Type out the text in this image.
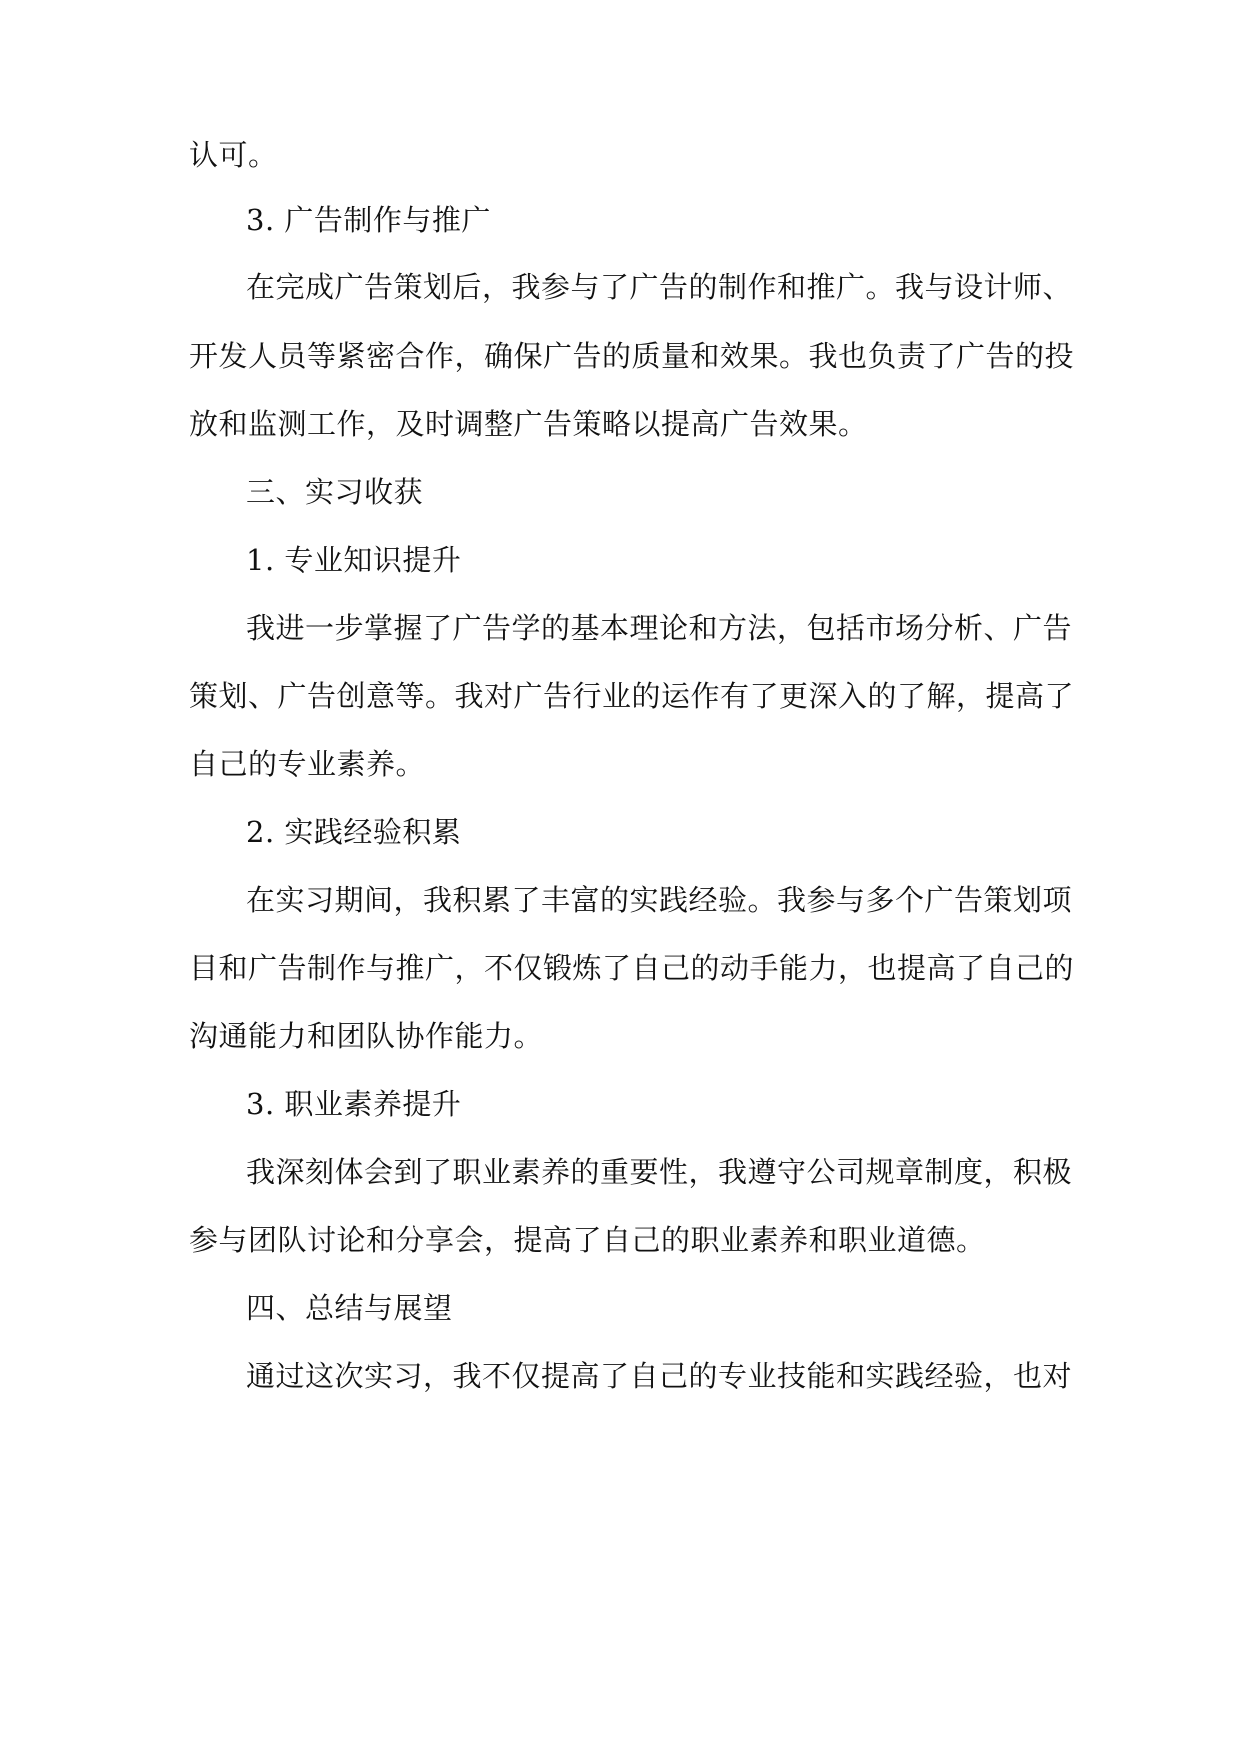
认可。
3. 广告制作与推广
在完成广告策划后，我参与了广告的制作和推广。我与设计师、
开发人员等紧密合作，确保广告的质量和效果。我也负责了广告的投
放和监测工作，及时调整广告策略以提高广告效果。
三、实习收获
1. 专业知识提升
我进一步掌握了广告学的基本理论和方法，包括市场分析、广告
策划、广告创意等。我对广告行业的运作有了更深入的了解，提高了
自己的专业素养。
2. 实践经验积累
在实习期间，我积累了丰富的实践经验。我参与多个广告策划项
目和广告制作与推广，不仅锻炼了自己的动手能力，也提高了自己的
沟通能力和团队协作能力。
3. 职业素养提升
我深刻体会到了职业素养的重要性，我遵守公司规章制度，积极
参与团队讨论和分享会，提高了自己的职业素养和职业道德。
四、总结与展望
通过这次实习，我不仅提高了自己的专业技能和实践经验，也对
